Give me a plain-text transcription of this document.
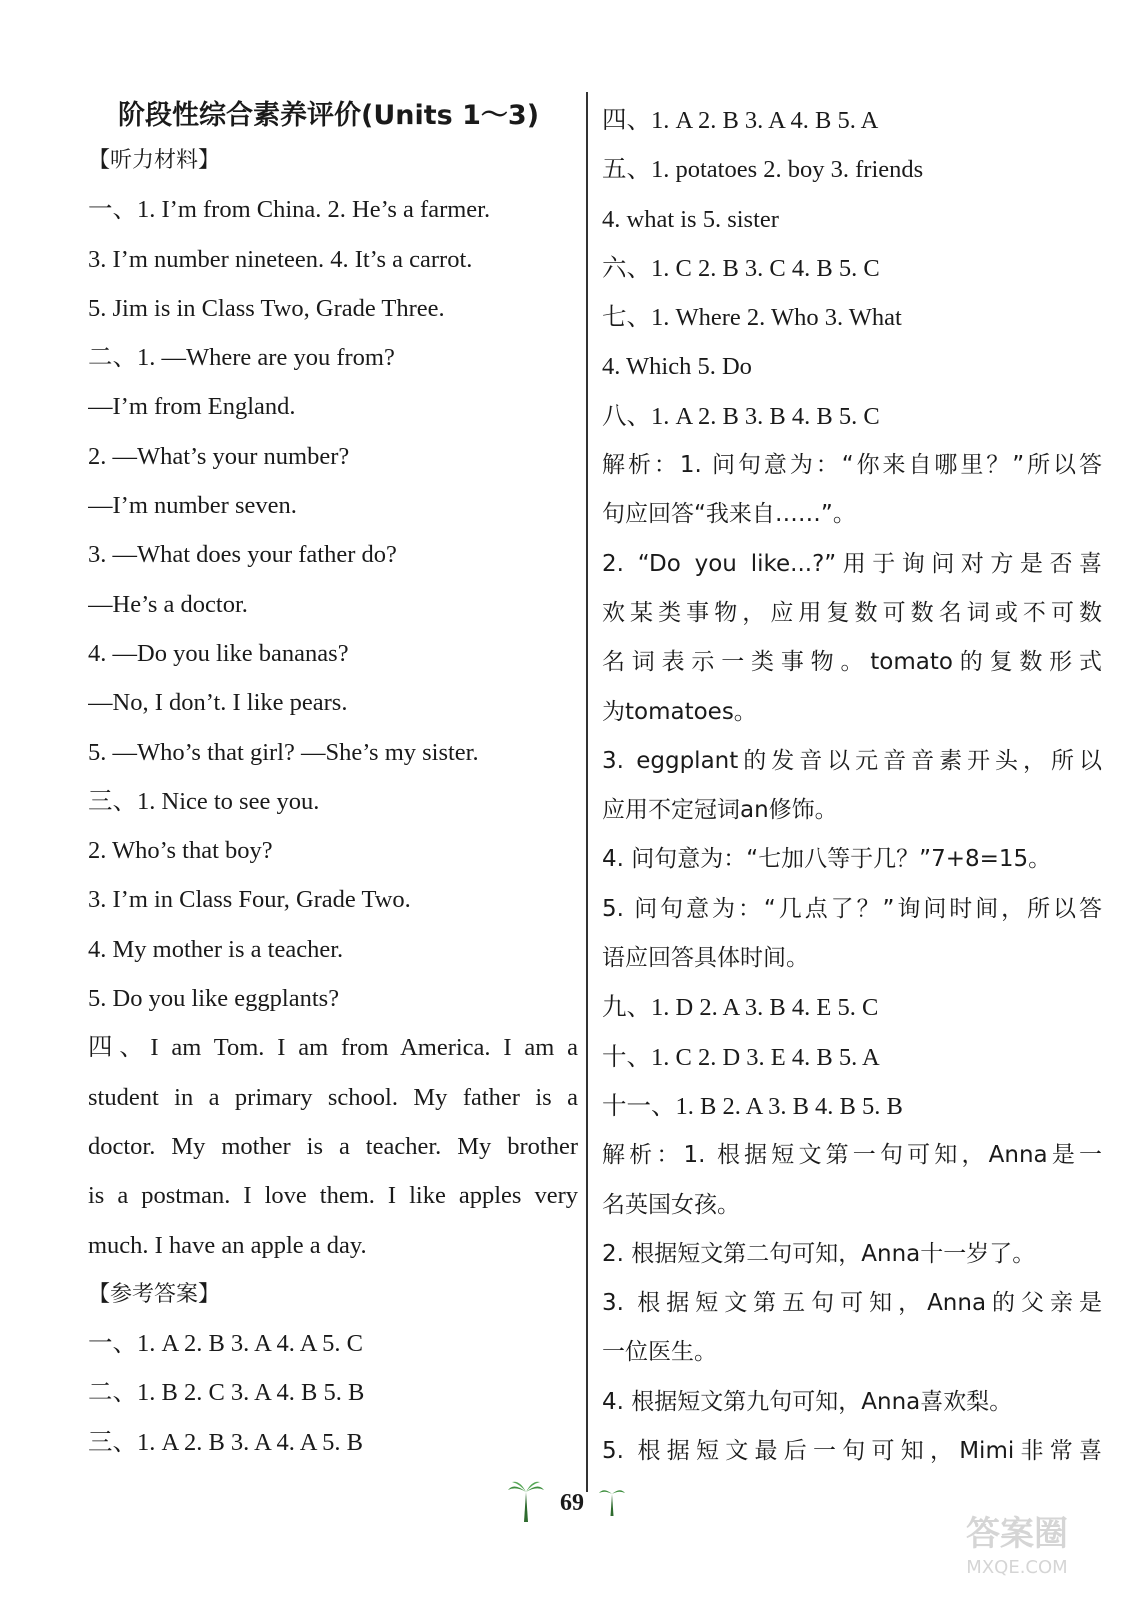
阶段性综合素养评价(Units 1～3)
【听力材料】
一、1. I’m from China. 2. He’s a farmer.
3. I’m number nineteen. 4. It’s a carrot.
5. Jim is in Class Two, Grade Three.
二、1. —Where are you from?
—I’m from England.
2. —What’s your number?
—I’m number seven.
3. —What does your father do?
—He’s a doctor.
4. —Do you like bananas?
—No, I don’t. I like pears.
5. —Who’s that girl? —She’s my sister.
三、1. Nice to see you.
2. Who’s that boy?
3. I’m in Class Four, Grade Two.
4. My mother is a teacher.
5. Do you like eggplants?
四、I am Tom. I am from America. I am a
student in a primary school. My father is a
doctor. My mother is a teacher. My brother
is a postman. I love them. I like apples very
much. I have an apple a day.
【参考答案】
一、1. A 2. B 3. A 4. A 5. C
二、1. B 2. C 3. A 4. B 5. B
三、1. A 2. B 3. A 4. A 5. B
四、1. A 2. B 3. A 4. B 5. A
五、1. potatoes 2. boy 3. friends
4. what is 5. sister
六、1. C 2. B 3. C 4. B 5. C
七、1. Where 2. Who 3. What
4. Which 5. Do
八、1. A 2. B 3. B 4. B 5. C
解析：1. 问句意为：“你来自哪里？”所以答
句应回答“我来自……”。
2. “Do you like...?”用于询问对方是否喜
欢某类事物，应用复数可数名词或不可数
名词表示一类事物。tomato的复数形式
为tomatoes。
3. eggplant的发音以元音音素开头，所以
应用不定冠词an修饰。
4. 问句意为：“七加八等于几？”7+8=15。
5. 问句意为：“几点了？”询问时间，所以答
语应回答具体时间。
九、1. D 2. A 3. B 4. E 5. C
十、1. C 2. D 3. E 4. B 5. A
十一、1. B 2. A 3. B 4. B 5. B
解析：1. 根据短文第一句可知，Anna是一
名英国女孩。
2. 根据短文第二句可知，Anna十一岁了。
3. 根据短文第五句可知，Anna的父亲是
一位医生。
4. 根据短文第九句可知，Anna喜欢梨。
5. 根据短文最后一句可知，Mimi非常喜
69
答案圈
MXQE.COM
